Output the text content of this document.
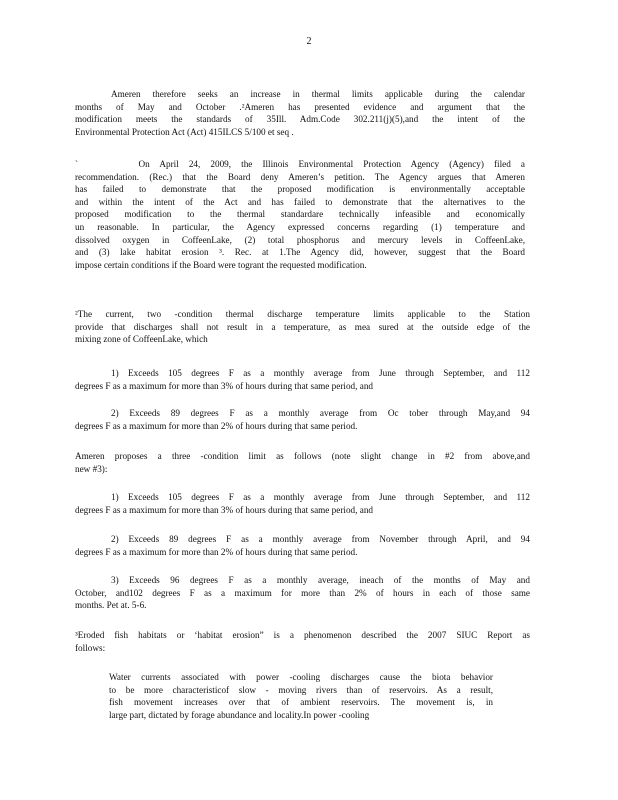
2
Ameren therefore seeks an increase in thermal limits applicable during the calendar
months of May and October .²Ameren has presented evidence and argument that the
modification meets the standards of 35Ill. Adm.Code 302.211(j)(5),and the intent of the
Environmental Protection Act (Act) 415ILCS 5/100 et seq .
`      On April 24, 2009, the Illinois Environmental Protection Agency (Agency) filed a
recommendation. (Rec.) that the Board deny Ameren’s petition. The Agency argues that Ameren
has failed to demonstrate that the proposed modification is environmentally acceptable
and within the intent of the Act and has failed to demonstrate that the alternatives to the
proposed modification to the thermal standardare technically infeasible and economically
un reasonable. In particular, the Agency expressed concerns regarding (1) temperature and
dissolved oxygen in CoffeenLake, (2) total phosphorus and mercury levels in CoffeenLake,
and (3) lake habitat erosion ³. Rec. at 1.The Agency did, however, suggest that the Board
impose certain conditions if the Board were togrant the requested modification.
²The current, two -condition thermal discharge temperature limits applicable to the Station
provide that discharges shall not result in a temperature, as mea sured at the outside edge of the
mixing zone of CoffeenLake, which
1) Exceeds 105 degrees F as a monthly average from June through September, and 112
degrees F as a maximum for more than 3% of hours during that same period, and
2) Exceeds 89 degrees F as a monthly average from Oc tober through May,and 94
degrees F as a maximum for more than 2% of hours during that same period.
Ameren proposes a three -condition limit as follows (note slight change in #2 from above,and
new #3):
1) Exceeds 105 degrees F as a monthly average from June through September, and 112
degrees F as a maximum for more than 3% of hours during that same period, and
2) Exceeds 89 degrees F as a monthly average from November through April, and 94
degrees F as a maximum for more than 2% of hours during that same period.
3) Exceeds 96 degrees F as a monthly average, ineach of the months of May and
October, and102 degrees F as a maximum for more than 2% of hours in each of those same
months. Pet at. 5-6.
³Eroded fish habitats or ‘habitat erosion” is a phenomenon described the 2007 SIUC Report as
follows:
Water currents associated with power -cooling discharges cause the biota behavior
to be more characteristicof slow - moving rivers than of reservoirs. As a result,
fish movement increases over that of ambient reservoirs. The movement is, in
large part, dictated by forage abundance and locality.In power -cooling
